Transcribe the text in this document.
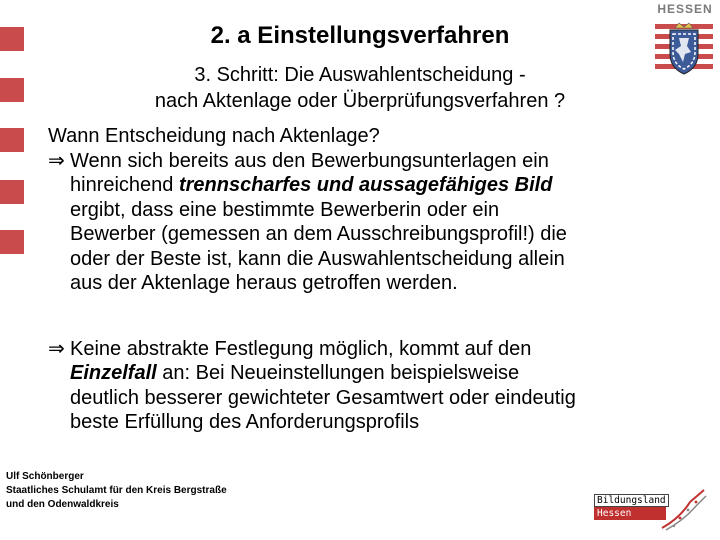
2. a Einstellungsverfahren
3. Schritt: Die Auswahlentscheidung -
nach Aktenlage oder Überprüfungsverfahren ?
HESSEN
Wann Entscheidung nach Aktenlage?
⇒ Wenn sich bereits aus den Bewerbungsunterlagen ein
hinreichend trennscharfes und aussagefähiges Bild
ergibt, dass eine bestimmte Bewerberin oder ein
Bewerber (gemessen an dem Ausschreibungsprofil!) die
oder der Beste ist, kann die Auswahlentscheidung allein
aus der Aktenlage heraus getroffen werden.
⇒ Keine abstrakte Festlegung möglich, kommt auf den
Einzelfall an: Bei Neueinstellungen beispielsweise
deutlich besserer gewichteter Gesamtwert oder eindeutig
beste Erfüllung des Anforderungsprofils
Ulf Schönberger
Staatliches Schulamt für den Kreis Bergstraße
und den Odenwaldkreis	Bildungsland
Hessen
